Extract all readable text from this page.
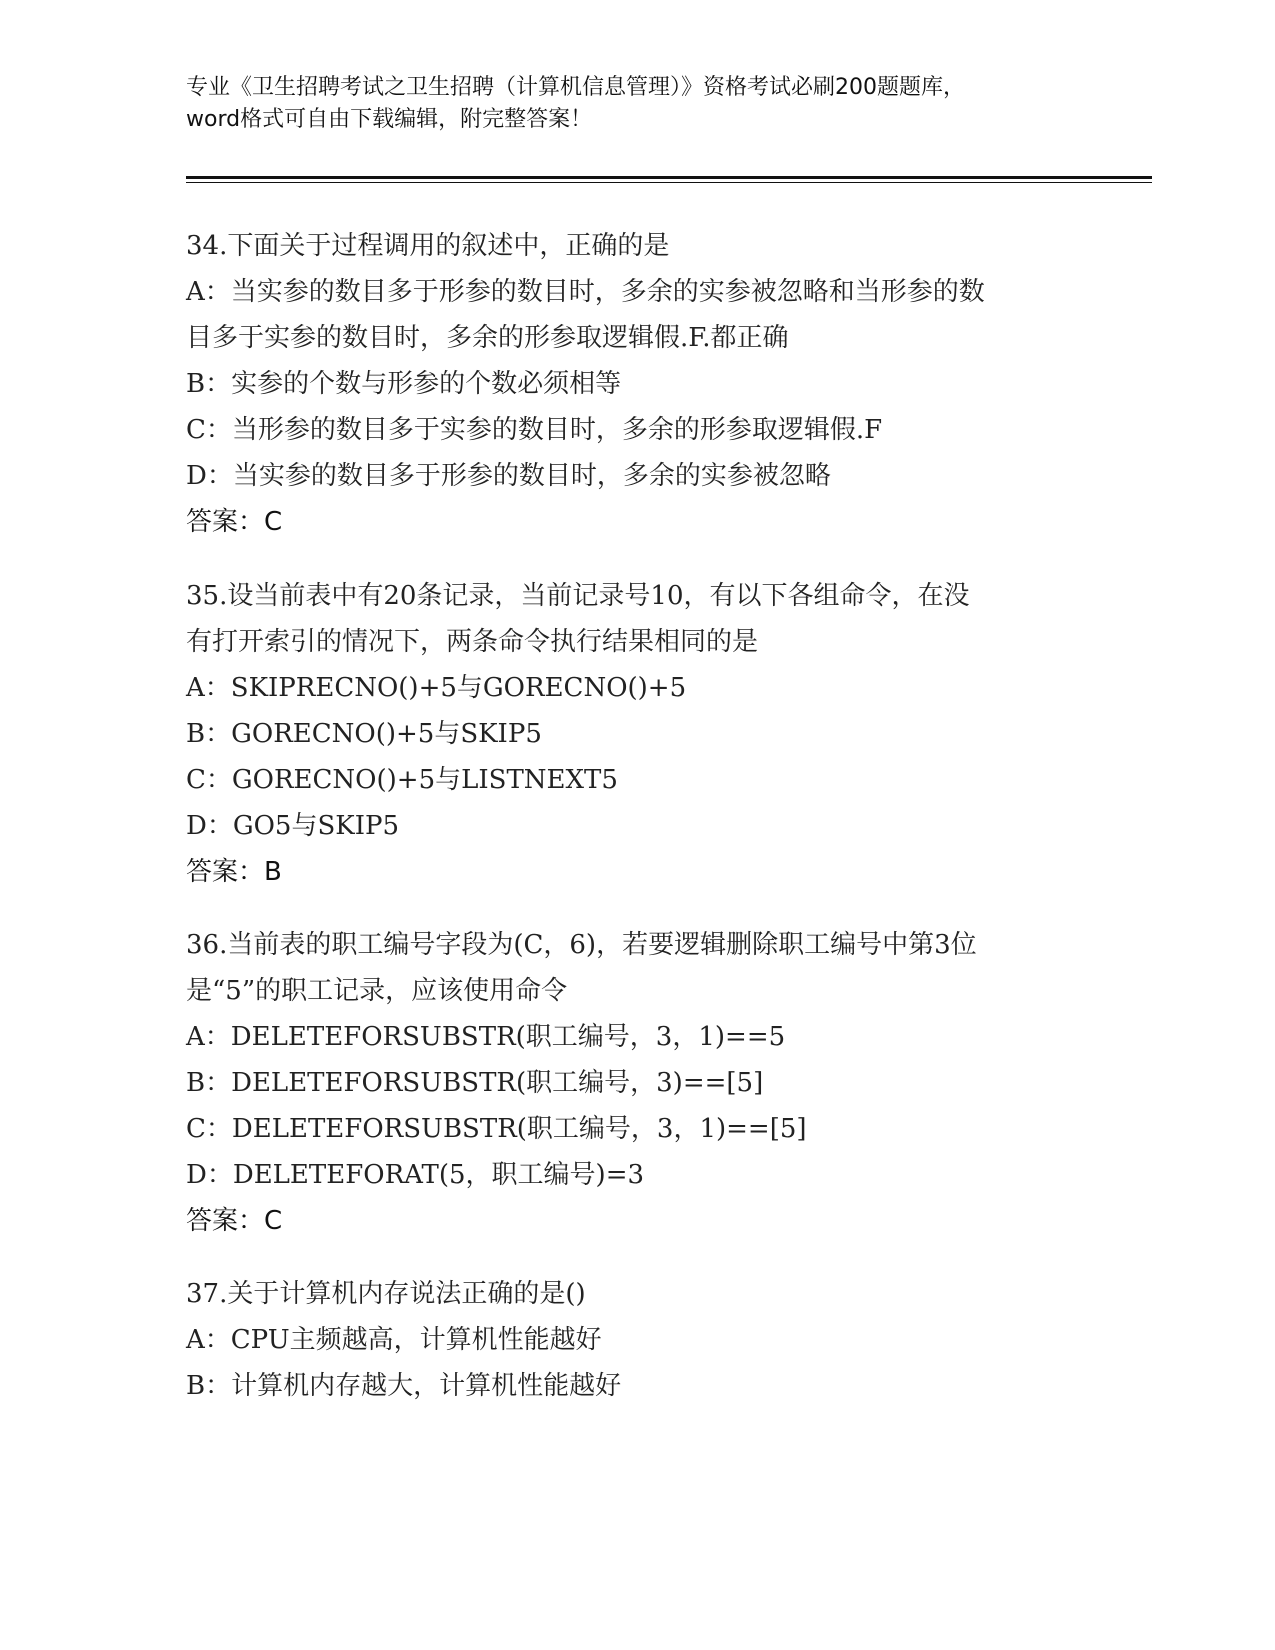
专业《卫生招聘考试之卫生招聘（计算机信息管理）》资格考试必刷200题题库，
word格式可自由下载编辑，附完整答案！
34.下面关于过程调用的叙述中，正确的是
A：当实参的数目多于形参的数目时，多余的实参被忽略和当形参的数
目多于实参的数目时，多余的形参取逻辑假.F.都正确
B：实参的个数与形参的个数必须相等
C：当形参的数目多于实参的数目时，多余的形参取逻辑假.F
D：当实参的数目多于形参的数目时，多余的实参被忽略
答案：C
35.设当前表中有20条记录，当前记录号10，有以下各组命令，在没
有打开索引的情况下，两条命令执行结果相同的是
A：SKIPRECNO()+5与GORECNO()+5
B：GORECNO()+5与SKIP5
C：GORECNO()+5与LISTNEXT5
D：GO5与SKIP5
答案：B
36.当前表的职工编号字段为(C，6)，若要逻辑删除职工编号中第3位
是“5”的职工记录，应该使用命令
A：DELETEFORSUBSTR(职工编号，3，1)==5
B：DELETEFORSUBSTR(职工编号，3)==[5]
C：DELETEFORSUBSTR(职工编号，3，1)==[5]
D：DELETEFORAT(5，职工编号)=3
答案：C
37.关于计算机内存说法正确的是()
A：CPU主频越高，计算机性能越好
B：计算机内存越大，计算机性能越好
